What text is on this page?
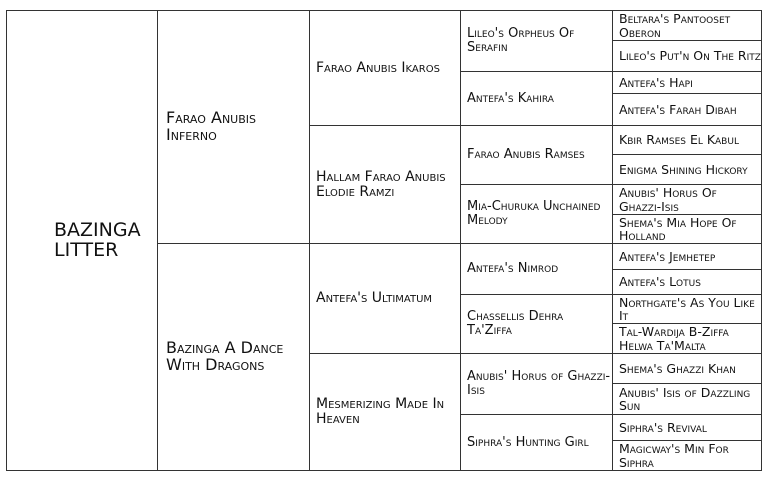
BAZINGA LITTER
Farao Anubis Inferno
Bazinga A Dance With Dragons
Farao Anubis Ikaros
Hallam Farao Anubis Elodie Ramzi
Antefa's Ultimatum
Mesmerizing Made In Heaven
Lileo's Orpheus Of Serafin
Antefa's Kahira
Farao Anubis Ramses
Mia-Churuka Unchained Melody
Antefa's Nimrod
Chassellis Dehra Ta'Ziffa
Anubis' Horus of Ghazzi-Isis
Siphra's Hunting Girl
Beltara's Pantooset Oberon
Lileo's Put'n On The Ritz
Antefa's Hapi
Antefa's Farah Dibah
Kbir Ramses El Kabul
Enigma Shining Hickory
Anubis' Horus Of Ghazzi-Isis
Shema's Mia Hope Of Holland
Antefa's Jemhetep
Antefa's Lotus
Northgate's As You Like It
Tal-Wardija B-Ziffa Helwa Ta'Malta
Shema's Ghazzi Khan
Anubis' Isis of Dazzling Sun
Siphra's Revival
Magicway's Min For Siphra
